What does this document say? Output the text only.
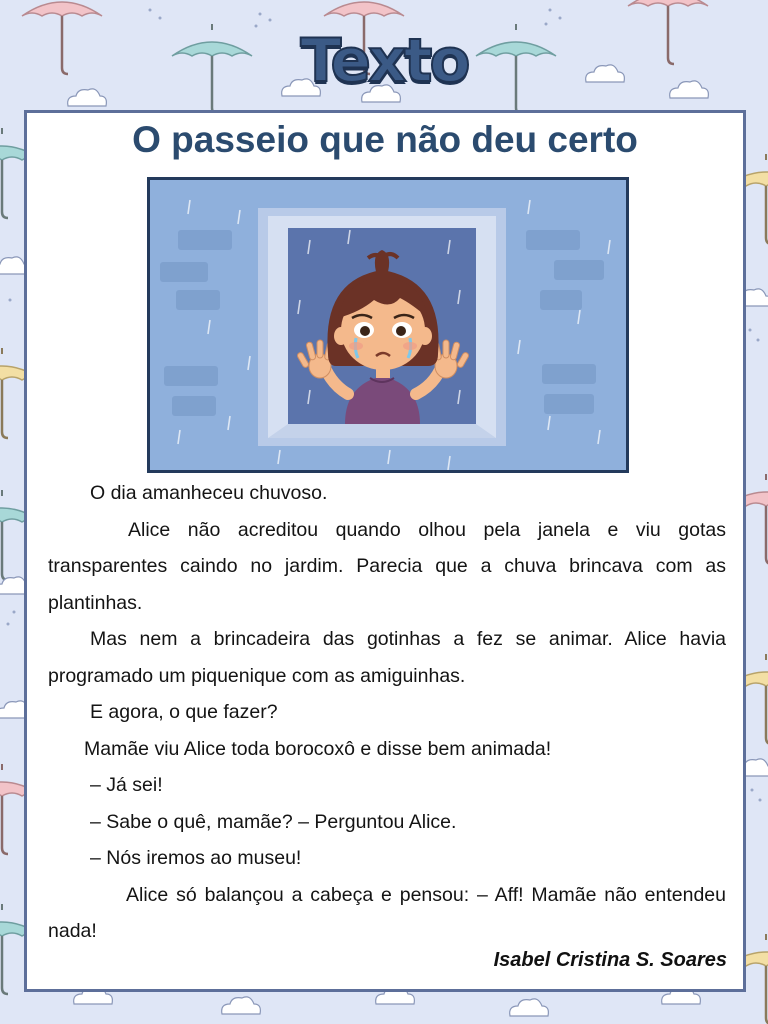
Texto
O passeio que não deu certo

O dia amanheceu chuvoso.

Alice não acreditou quando olhou pela janela e viu gotas transparentes caindo no jardim. Parecia que a chuva brincava com as plantinhas.

Mas nem a brincadeira das gotinhas a fez se animar. Alice havia programado um piquenique com as amiguinhas.

E agora, o que fazer?

Mamãe viu Alice toda borocoxô e disse bem animada!

– Já sei!

– Sabe o quê, mamãe? – Perguntou Alice.

– Nós iremos ao museu!

Alice só balançou a cabeça e pensou: – Aff! Mamãe não entendeu nada!

Isabel Cristina S. Soares
